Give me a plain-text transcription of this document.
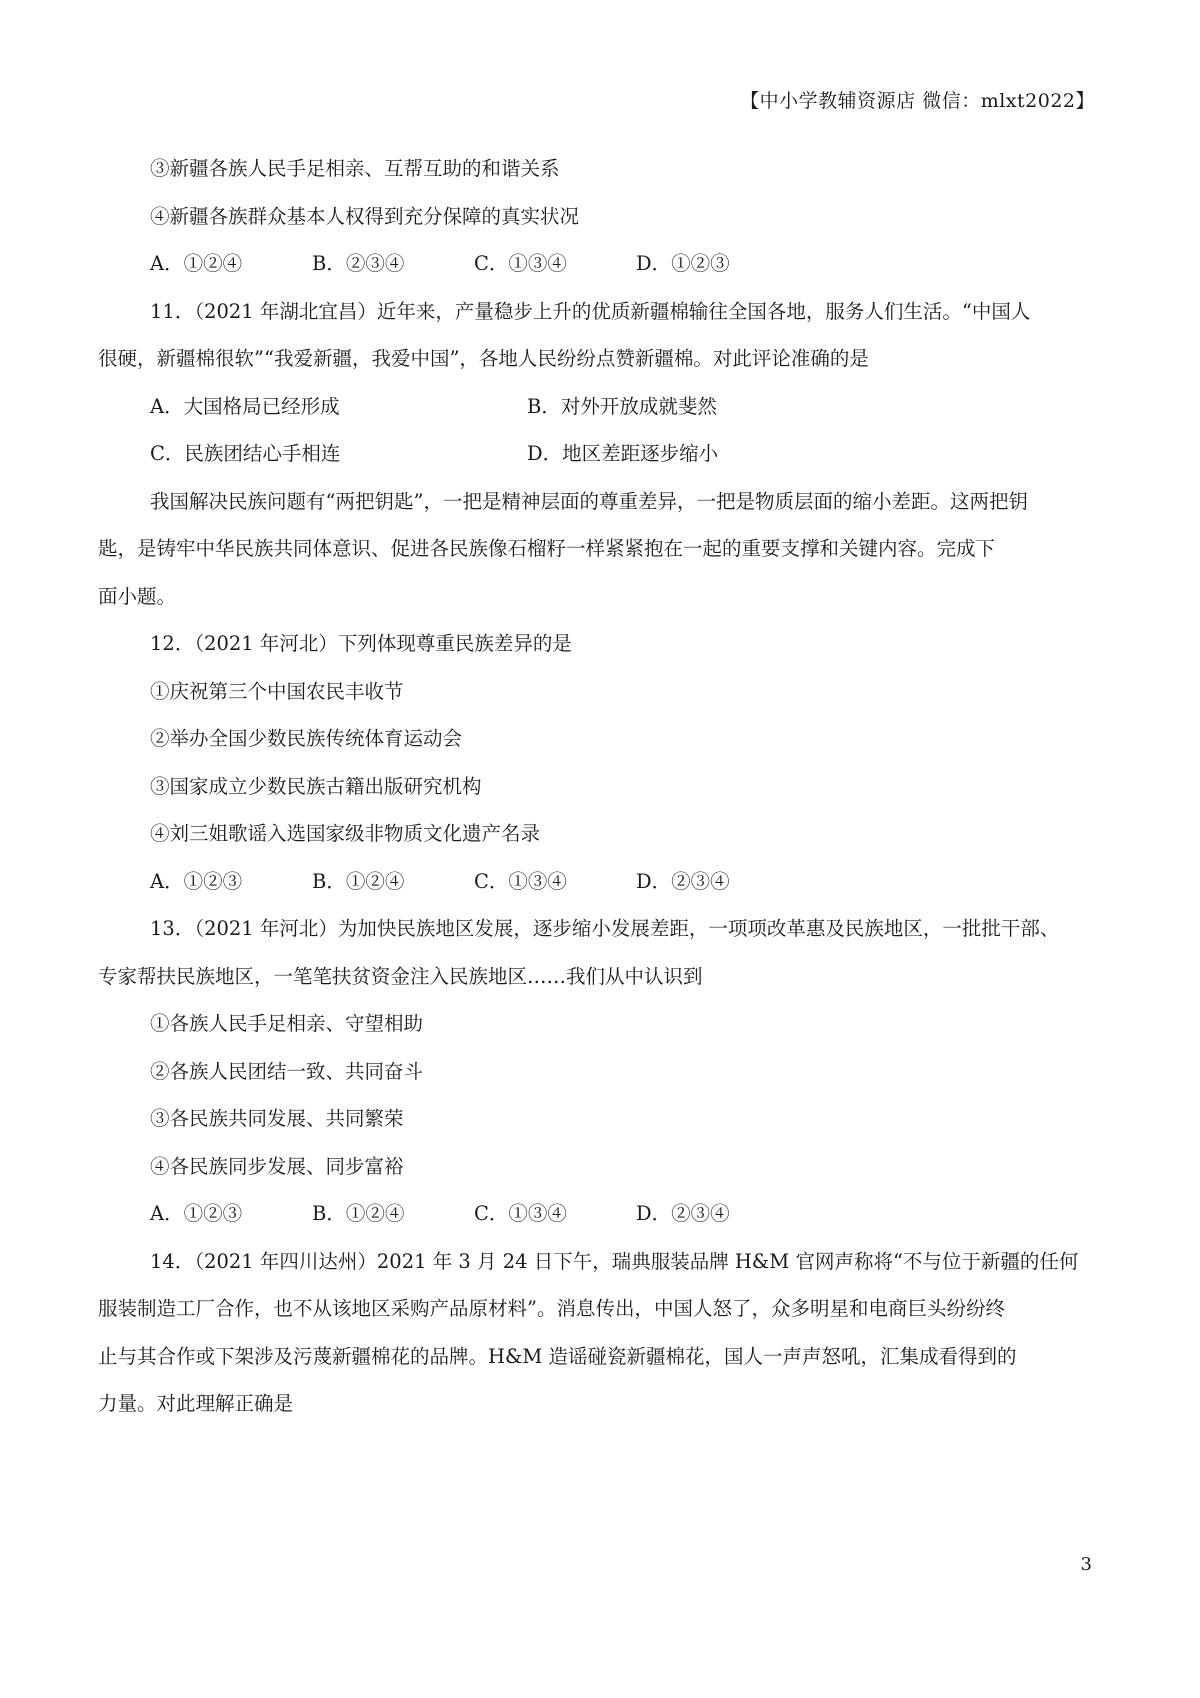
【中小学教辅资源店 微信：mlxt2022】
③新疆各族人民手足相亲、互帮互助的和谐关系
④新疆各族群众基本人权得到充分保障的真实状况
A．①②④	B．②③④	C．①③④	D．①②③
11．（2021 年湖北宜昌）近年来，产量稳步上升的优质新疆棉输往全国各地，服务人们生活。“中国人
很硬，新疆棉很软”“我爱新疆，我爱中国”，各地人民纷纷点赞新疆棉。对此评论准确的是
A．大国格局已经形成	B．对外开放成就斐然
C．民族团结心手相连	D．地区差距逐步缩小
我国解决民族问题有“两把钥匙”，一把是精神层面的尊重差异，一把是物质层面的缩小差距。这两把钥
匙，是铸牢中华民族共同体意识、促进各民族像石榴籽一样紧紧抱在一起的重要支撑和关键内容。完成下
面小题。
12．（2021 年河北）下列体现尊重民族差异的是
①庆祝第三个中国农民丰收节
②举办全国少数民族传统体育运动会
③国家成立少数民族古籍出版研究机构
④刘三姐歌谣入选国家级非物质文化遗产名录
A．①②③	B．①②④	C．①③④	D．②③④
13．（2021 年河北）为加快民族地区发展，逐步缩小发展差距，一项项改革惠及民族地区，一批批干部、
专家帮扶民族地区，一笔笔扶贫资金注入民族地区……我们从中认识到
①各族人民手足相亲、守望相助
②各族人民团结一致、共同奋斗
③各民族共同发展、共同繁荣
④各民族同步发展、同步富裕
A．①②③	B．①②④	C．①③④	D．②③④
14．（2021 年四川达州）2021 年 3 月 24 日下午，瑞典服装品牌 H&M 官网声称将“不与位于新疆的任何
服装制造工厂合作，也不从该地区采购产品原材料”。消息传出，中国人怒了，众多明星和电商巨头纷纷终
止与其合作或下架涉及污蔑新疆棉花的品牌。H&M 造谣碰瓷新疆棉花，国人一声声怒吼，汇集成看得到的
力量。对此理解正确是
3
